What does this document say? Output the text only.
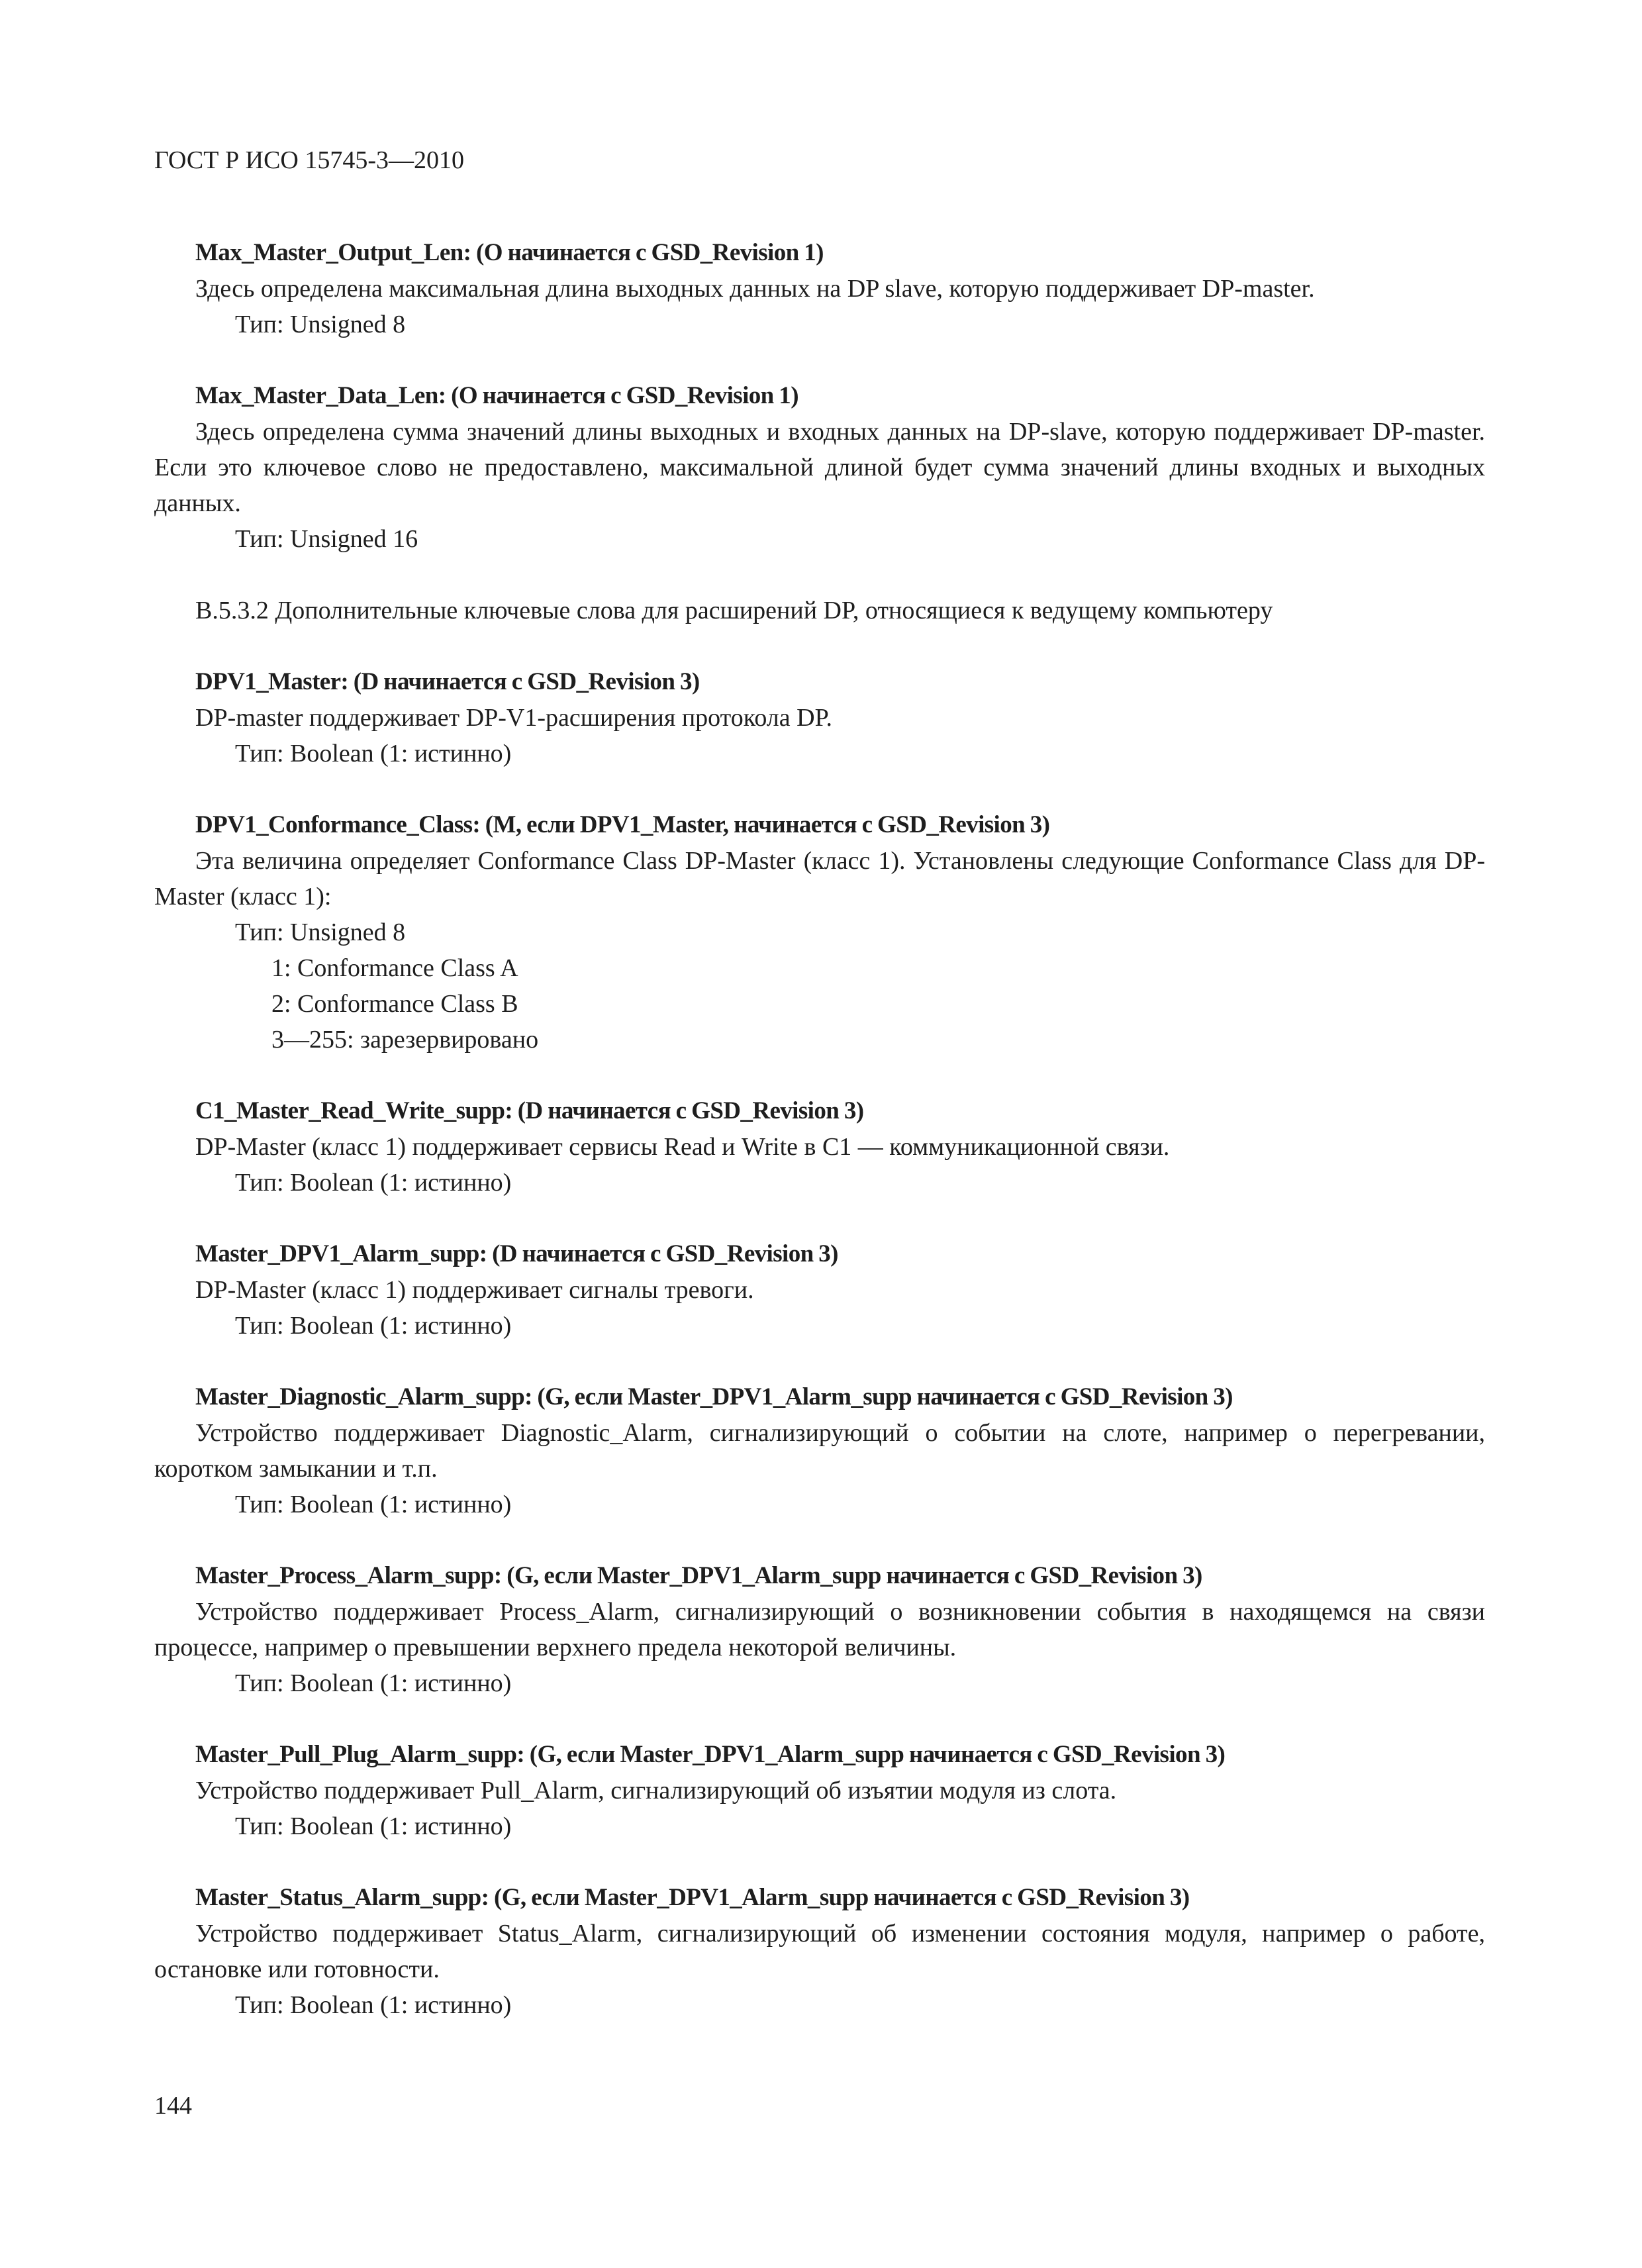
ГОСТ Р ИСО 15745-3—2010
Max_Master_Output_Len: (O начинается с GSD_Revision 1)

Здесь определена максимальная длина выходных данных на DP slave, которую поддерживает DP-master.

Тип: Unsigned 8

Max_Master_Data_Len: (O начинается с GSD_Revision 1)

Здесь определена сумма значений длины выходных и входных данных на DP-slave, которую поддерживает DP-master. Если это ключевое слово не предоставлено, максимальной длиной будет сумма значений длины входных и выходных данных.

Тип: Unsigned 16

В.5.3.2 Дополнительные ключевые слова для расширений DP, относящиеся к ведущему компьютеру

DPV1_Master: (D начинается с GSD_Revision 3)

DP-master поддерживает DP-V1-расширения протокола DP.

Тип: Boolean (1: истинно)

DPV1_Conformance_Class: (M, если DPV1_Master, начинается с GSD_Revision 3)

Эта величина определяет Conformance Class DP-Master (класс 1). Установлены следующие Conformance Class для DP-Master (класс 1):

Тип: Unsigned 8

1: Conformance Class A

2: Conformance Class B

3—255: зарезервировано

C1_Master_Read_Write_supp: (D начинается с GSD_Revision 3)

DP-Master (класс 1) поддерживает сервисы Read и Write в C1 — коммуникационной связи.

Тип: Boolean (1: истинно)

Master_DPV1_Alarm_supp: (D начинается с GSD_Revision 3)

DP-Master (класс 1) поддерживает сигналы тревоги.

Тип: Boolean (1: истинно)

Master_Diagnostic_Alarm_supp: (G, если Master_DPV1_Alarm_supp начинается с GSD_Revision 3)

Устройство поддерживает Diagnostic_Alarm, сигнализирующий о событии на слоте, например о перегревании, коротком замыкании и т.п.

Тип: Boolean (1: истинно)

Master_Process_Alarm_supp: (G, если Master_DPV1_Alarm_supp начинается с GSD_Revision 3)

Устройство поддерживает Process_Alarm, сигнализирующий о возникновении события в находящемся на связи процессе, например о превышении верхнего предела некоторой величины.

Тип: Boolean (1: истинно)

Master_Pull_Plug_Alarm_supp: (G, если Master_DPV1_Alarm_supp начинается с GSD_Revision 3)

Устройство поддерживает Pull_Alarm, сигнализирующий об изъятии модуля из слота.

Тип: Boolean (1: истинно)

Master_Status_Alarm_supp: (G, если Master_DPV1_Alarm_supp начинается с GSD_Revision 3)

Устройство поддерживает Status_Alarm, сигнализирующий об изменении состояния модуля, например о работе, остановке или готовности.

Тип: Boolean (1: истинно)

144
